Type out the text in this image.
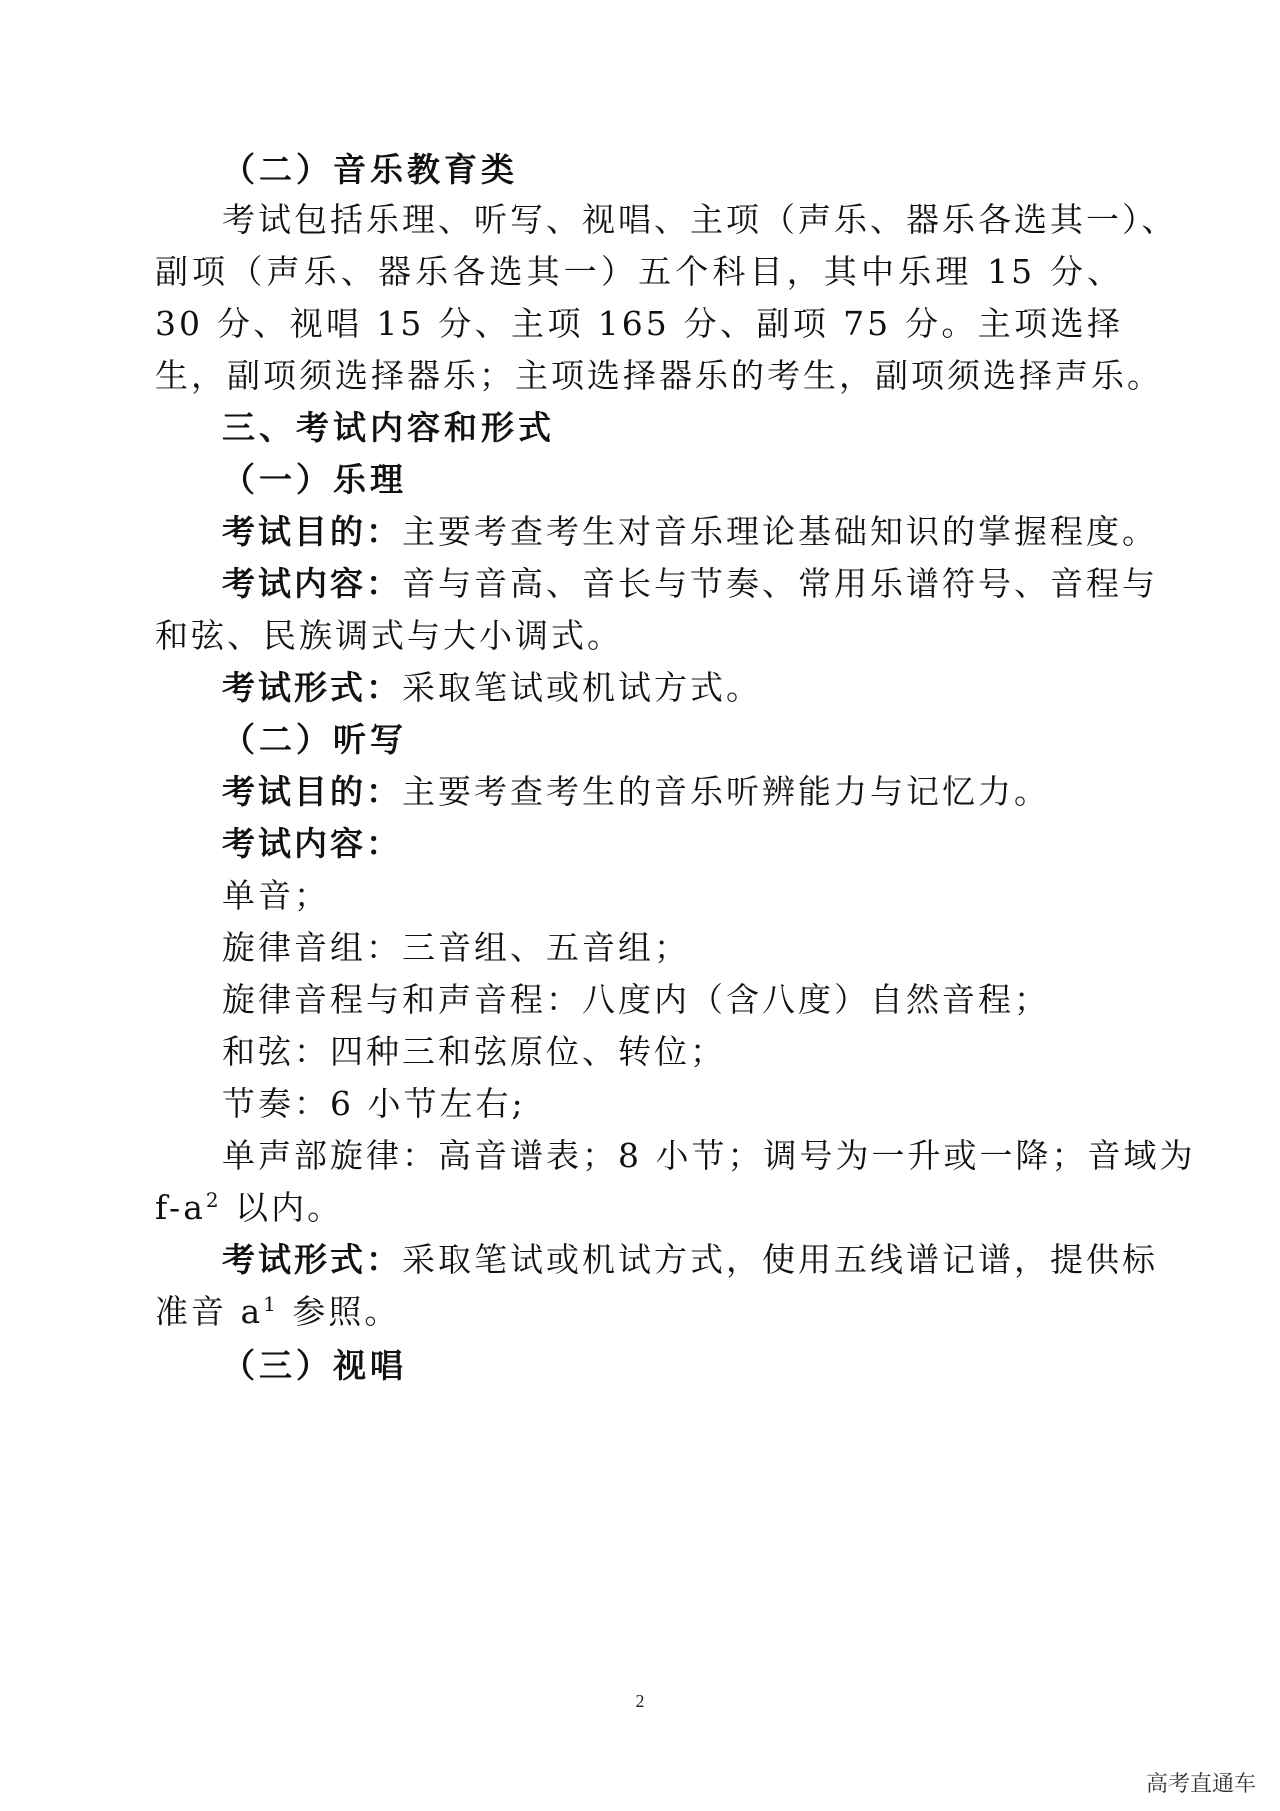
（二）音乐教育类
考试包括乐理、听写、视唱、主项（声乐、器乐各选其一）、
副项（声乐、器乐各选其一）五个科目，其中乐理 15 分、
30 分、视唱 15 分、主项 165 分、副项 75 分。主项选择
生，副项须选择器乐；主项选择器乐的考生，副项须选择声乐。
三、考试内容和形式
（一）乐理
考试目的：主要考查考生对音乐理论基础知识的掌握程度。
考试内容：音与音高、音长与节奏、常用乐谱符号、音程与
和弦、民族调式与大小调式。
考试形式：采取笔试或机试方式。
（二）听写
考试目的：主要考查考生的音乐听辨能力与记忆力。
考试内容：
单音；
旋律音组：三音组、五音组；
旋律音程与和声音程：八度内（含八度）自然音程；
和弦：四种三和弦原位、转位；
节奏：6 小节左右;
单声部旋律：高音谱表；8 小节；调号为一升或一降；音域为
$f-a^2$ 以内。
考试形式：采取笔试或机试方式，使用五线谱记谱，提供标
准音 $a^1$ 参照。
（三）视唱
2
高考直通车
